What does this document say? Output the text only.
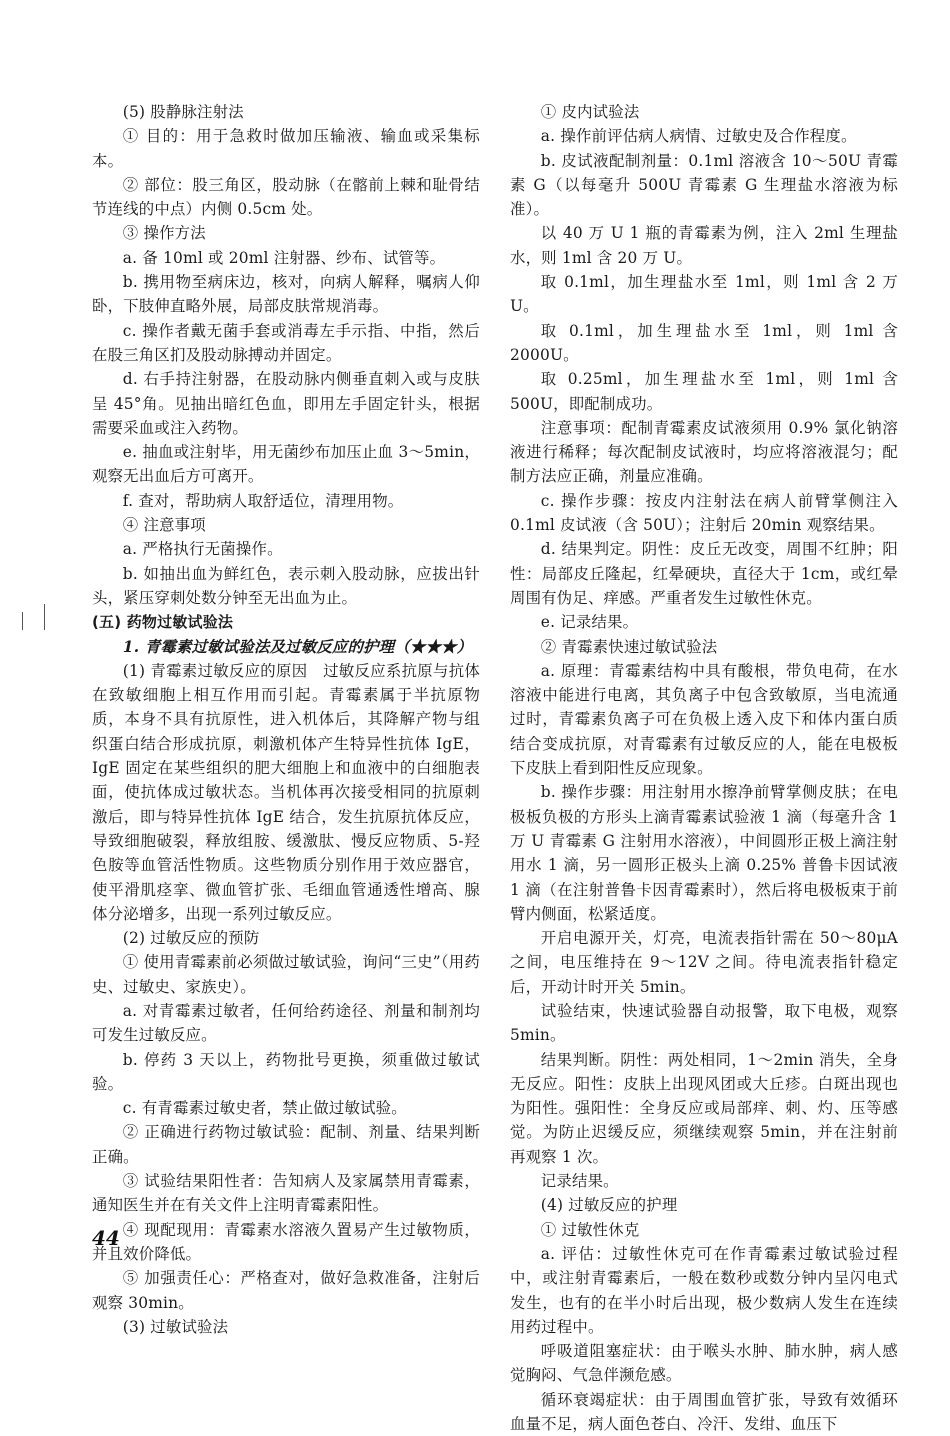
(5) 股静脉注射法

① 目的：用于急救时做加压输液、输血或采集标本。

② 部位：股三角区，股动脉（在髂前上棘和耻骨结节连线的中点）内侧 0.5cm 处。

③ 操作方法

a. 备 10ml 或 20ml 注射器、纱布、试管等。

b. 携用物至病床边，核对，向病人解释，嘱病人仰卧，下肢伸直略外展，局部皮肤常规消毒。

c. 操作者戴无菌手套或消毒左手示指、中指，然后在股三角区扪及股动脉搏动并固定。

d. 右手持注射器，在股动脉内侧垂直刺入或与皮肤呈 45°角。见抽出暗红色血，即用左手固定针头，根据需要采血或注入药物。

e. 抽血或注射毕，用无菌纱布加压止血 3～5min，观察无出血后方可离开。

f. 查对，帮助病人取舒适位，清理用物。

④ 注意事项

a. 严格执行无菌操作。

b. 如抽出血为鲜红色，表示刺入股动脉，应拔出针头，紧压穿刺处数分钟至无出血为止。

(五) 药物过敏试验法

1. 青霉素过敏试验法及过敏反应的护理（★★★）

(1) 青霉素过敏反应的原因　过敏反应系抗原与抗体在致敏细胞上相互作用而引起。青霉素属于半抗原物质，本身不具有抗原性，进入机体后，其降解产物与组织蛋白结合形成抗原，刺激机体产生特异性抗体 IgE，IgE 固定在某些组织的肥大细胞上和血液中的白细胞表面，使抗体成过敏状态。当机体再次接受相同的抗原刺激后，即与特异性抗体 IgE 结合，发生抗原抗体反应，导致细胞破裂，释放组胺、缓激肽、慢反应物质、5-羟色胺等血管活性物质。这些物质分别作用于效应器官，使平滑肌痉挛、微血管扩张、毛细血管通透性增高、腺体分泌增多，出现一系列过敏反应。

(2) 过敏反应的预防

① 使用青霉素前必须做过敏试验，询问“三史”（用药史、过敏史、家族史）。

a. 对青霉素过敏者，任何给药途径、剂量和制剂均可发生过敏反应。

b. 停药 3 天以上，药物批号更换，须重做过敏试验。

c. 有青霉素过敏史者，禁止做过敏试验。

② 正确进行药物过敏试验：配制、剂量、结果判断正确。

③ 试验结果阳性者：告知病人及家属禁用青霉素，通知医生并在有关文件上注明青霉素阳性。

④ 现配现用：青霉素水溶液久置易产生过敏物质，并且效价降低。

⑤ 加强责任心：严格查对，做好急救准备，注射后观察 30min。

(3) 过敏试验法

① 皮内试验法

a. 操作前评估病人病情、过敏史及合作程度。

b. 皮试液配制剂量：0.1ml 溶液含 10～50U 青霉素 G（以每毫升 500U 青霉素 G 生理盐水溶液为标准）。

以 40 万 U 1 瓶的青霉素为例，注入 2ml 生理盐水，则 1ml 含 20 万 U。

取 0.1ml，加生理盐水至 1ml，则 1ml 含 2 万 U。

取 0.1ml，加生理盐水至 1ml，则 1ml 含 2000U。

取 0.25ml，加生理盐水至 1ml，则 1ml 含 500U，即配制成功。

注意事项：配制青霉素皮试液须用 0.9% 氯化钠溶液进行稀释；每次配制皮试液时，均应将溶液混匀；配制方法应正确，剂量应准确。

c. 操作步骤：按皮内注射法在病人前臂掌侧注入 0.1ml 皮试液（含 50U）；注射后 20min 观察结果。

d. 结果判定。阴性：皮丘无改变，周围不红肿；阳性：局部皮丘隆起，红晕硬块，直径大于 1cm，或红晕周围有伪足、痒感。严重者发生过敏性休克。

e. 记录结果。

② 青霉素快速过敏试验法

a. 原理：青霉素结构中具有酸根，带负电荷，在水溶液中能进行电离，其负离子中包含致敏原，当电流通过时，青霉素负离子可在负极上透入皮下和体内蛋白质结合变成抗原，对青霉素有过敏反应的人，能在电极板下皮肤上看到阳性反应现象。

b. 操作步骤：用注射用水擦净前臂掌侧皮肤；在电极板负极的方形头上滴青霉素试验液 1 滴（每毫升含 1 万 U 青霉素 G 注射用水溶液），中间圆形正极上滴注射用水 1 滴，另一圆形正极头上滴 0.25% 普鲁卡因试液 1 滴（在注射普鲁卡因青霉素时），然后将电极板束于前臂内侧面，松紧适度。

开启电源开关，灯亮，电流表指针需在 50～80μA 之间，电压维持在 9～12V 之间。待电流表指针稳定后，开动计时开关 5min。

试验结束，快速试验器自动报警，取下电极，观察 5min。

结果判断。阴性：两处相同，1～2min 消失，全身无反应。阳性：皮肤上出现风团或大丘疹。白斑出现也为阳性。强阳性：全身反应或局部痒、刺、灼、压等感觉。为防止迟缓反应，须继续观察 5min，并在注射前再观察 1 次。

记录结果。

(4) 过敏反应的护理

① 过敏性休克

a. 评估：过敏性休克可在作青霉素过敏试验过程中，或注射青霉素后，一般在数秒或数分钟内呈闪电式发生，也有的在半小时后出现，极少数病人发生在连续用药过程中。

呼吸道阻塞症状：由于喉头水肿、肺水肿，病人感觉胸闷、气急伴濒危感。

循环衰竭症状：由于周围血管扩张，导致有效循环血量不足，病人面色苍白、冷汗、发绀、血压下

44
